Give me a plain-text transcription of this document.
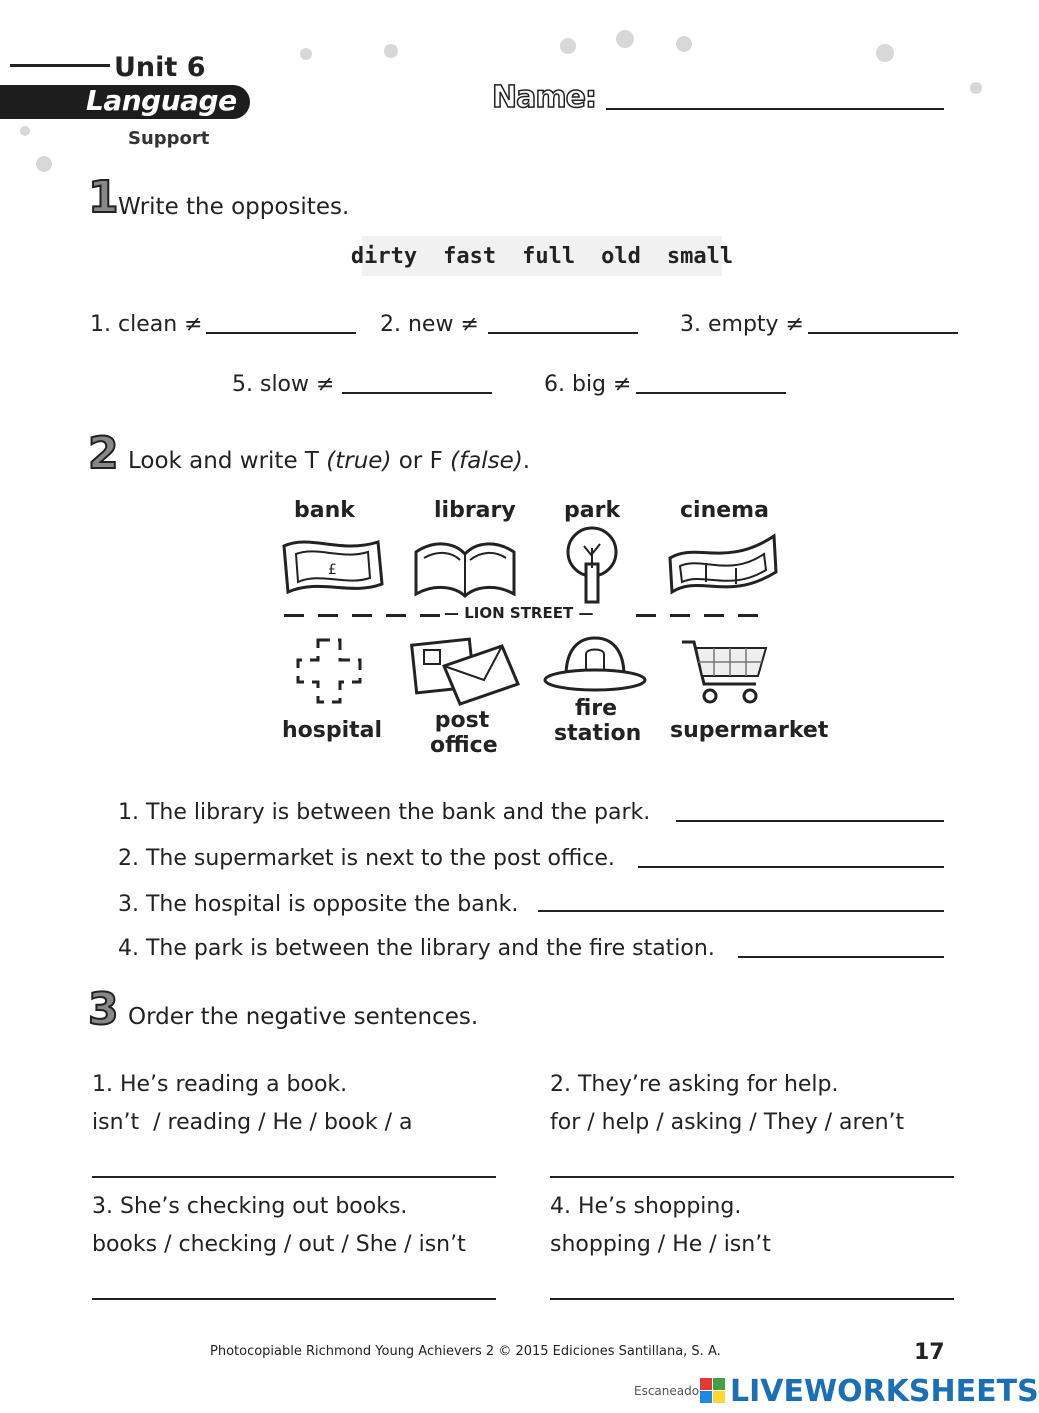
Unit 6
Language
Support
Name:
1 Write the opposites.
dirty fast full old small
1. clean ≠	2. new ≠	3. empty ≠
5. slow ≠	6. big ≠
2 Look and write T (true) or F (false).
bank	library park	cinema
£
— LION STREET —
hospital post
office
fire
station supermarket
1. The library is between the bank and the park.
2. The supermarket is next to the post office.
3. The hospital is opposite the bank.
4. The park is between the library and the fire station.
3 Order the negative sentences.
1. He’s reading a book.
isn’t  / reading / He / book / a
2. They’re asking for help.
for / help / asking / They / aren’t
3. She’s checking out books.
books / checking / out / She / isn’t
4. He’s shopping.
shopping / He / isn’t
Photocopiable Richmond Young Achievers 2 © 2015 Ediciones Santillana, S. A.	17
Escaneado LIVEWORKSHEETS
